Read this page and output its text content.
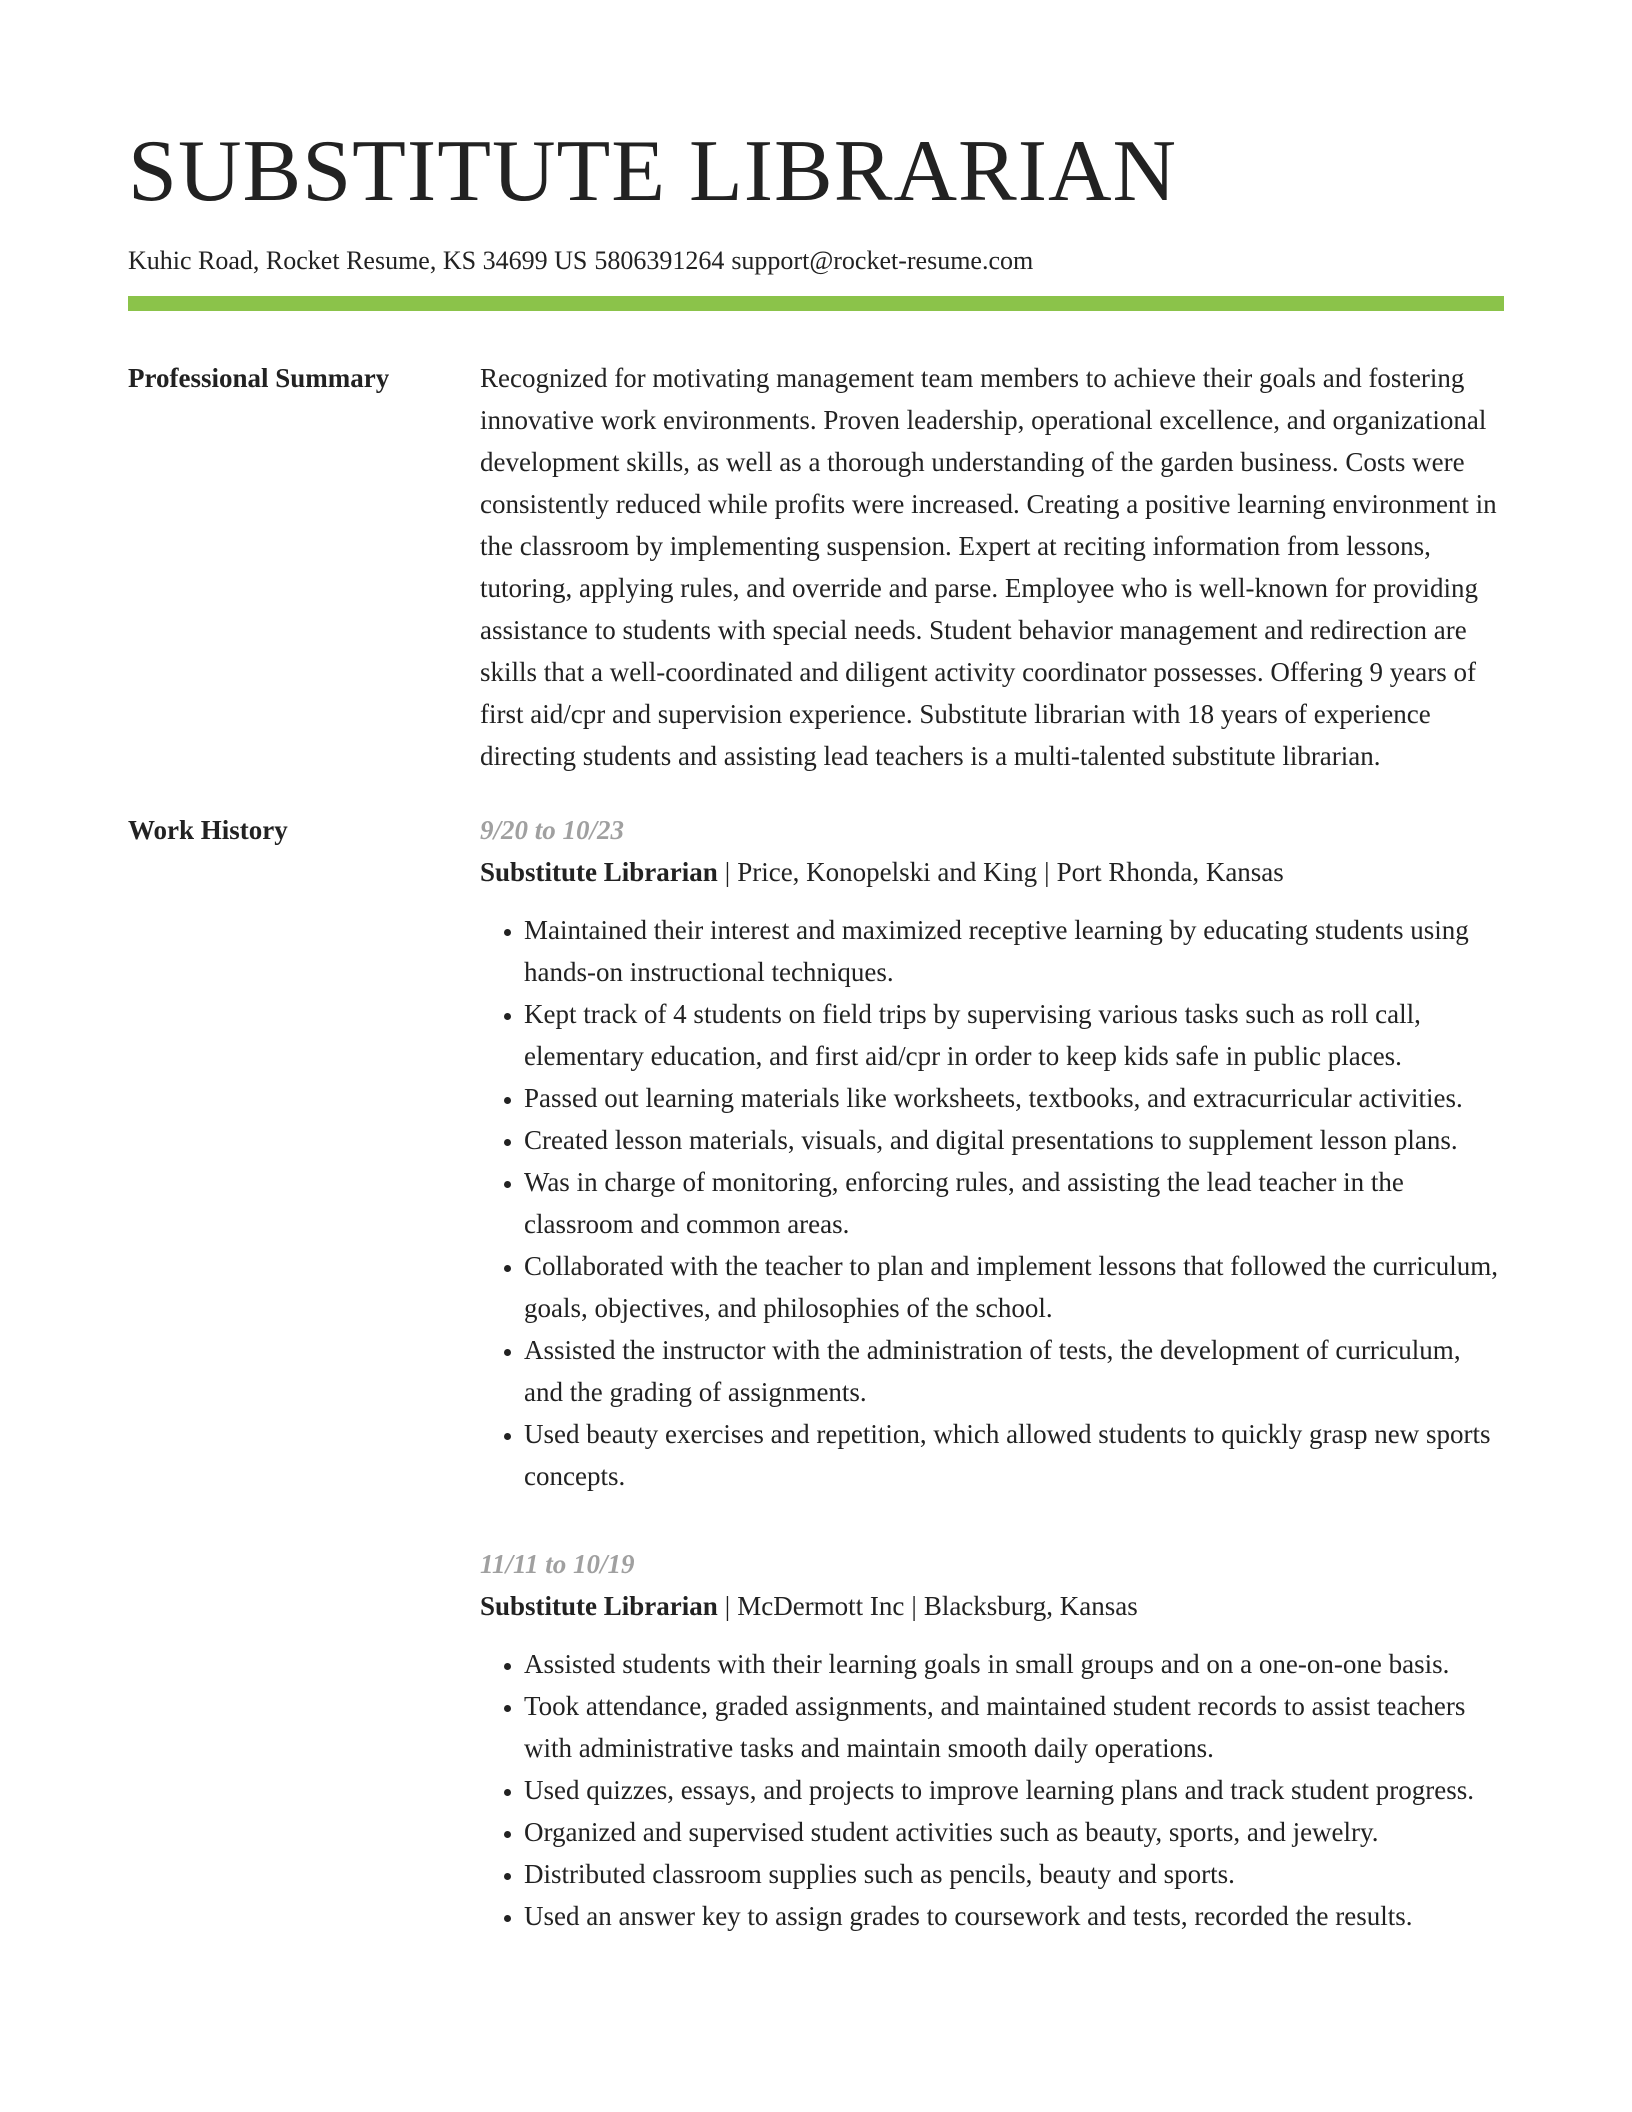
SUBSTITUTE LIBRARIAN
Kuhic Road, Rocket Resume, KS 34699 US 5806391264 support@rocket-resume.com
Professional Summary	Recognized for motivating management team members to achieve their goals and fostering innovative work environments. Proven leadership, operational excellence, and organizational development skills, as well as a thorough understanding of the garden business. Costs were consistently reduced while profits were increased. Creating a positive learning environment in the classroom by implementing suspension. Expert at reciting information from lessons, tutoring, applying rules, and override and parse. Employee who is well-known for providing assistance to students with special needs. Student behavior management and redirection are skills that a well-coordinated and diligent activity coordinator possesses. Offering 9 years of first aid/cpr and supervision experience. Substitute librarian with 18 years of experience directing students and assisting lead teachers is a multi-talented substitute librarian.

Work History	9/20 to 10/23
Substitute Librarian | Price, Konopelski and King | Port Rhonda, Kansas
• Maintained their interest and maximized receptive learning by educating students using hands-on instructional techniques.
• Kept track of 4 students on field trips by supervising various tasks such as roll call, elementary education, and first aid/cpr in order to keep kids safe in public places.
• Passed out learning materials like worksheets, textbooks, and extracurricular activities.
• Created lesson materials, visuals, and digital presentations to supplement lesson plans.
• Was in charge of monitoring, enforcing rules, and assisting the lead teacher in the classroom and common areas.
• Collaborated with the teacher to plan and implement lessons that followed the curriculum, goals, objectives, and philosophies of the school.
• Assisted the instructor with the administration of tests, the development of curriculum, and the grading of assignments.
• Used beauty exercises and repetition, which allowed students to quickly grasp new sports concepts.
11/11 to 10/19
Substitute Librarian | McDermott Inc | Blacksburg, Kansas
• Assisted students with their learning goals in small groups and on a one-on-one basis.
• Took attendance, graded assignments, and maintained student records to assist teachers with administrative tasks and maintain smooth daily operations.
• Used quizzes, essays, and projects to improve learning plans and track student progress.
• Organized and supervised student activities such as beauty, sports, and jewelry.
• Distributed classroom supplies such as pencils, beauty and sports.
• Used an answer key to assign grades to coursework and tests, recorded the results.
